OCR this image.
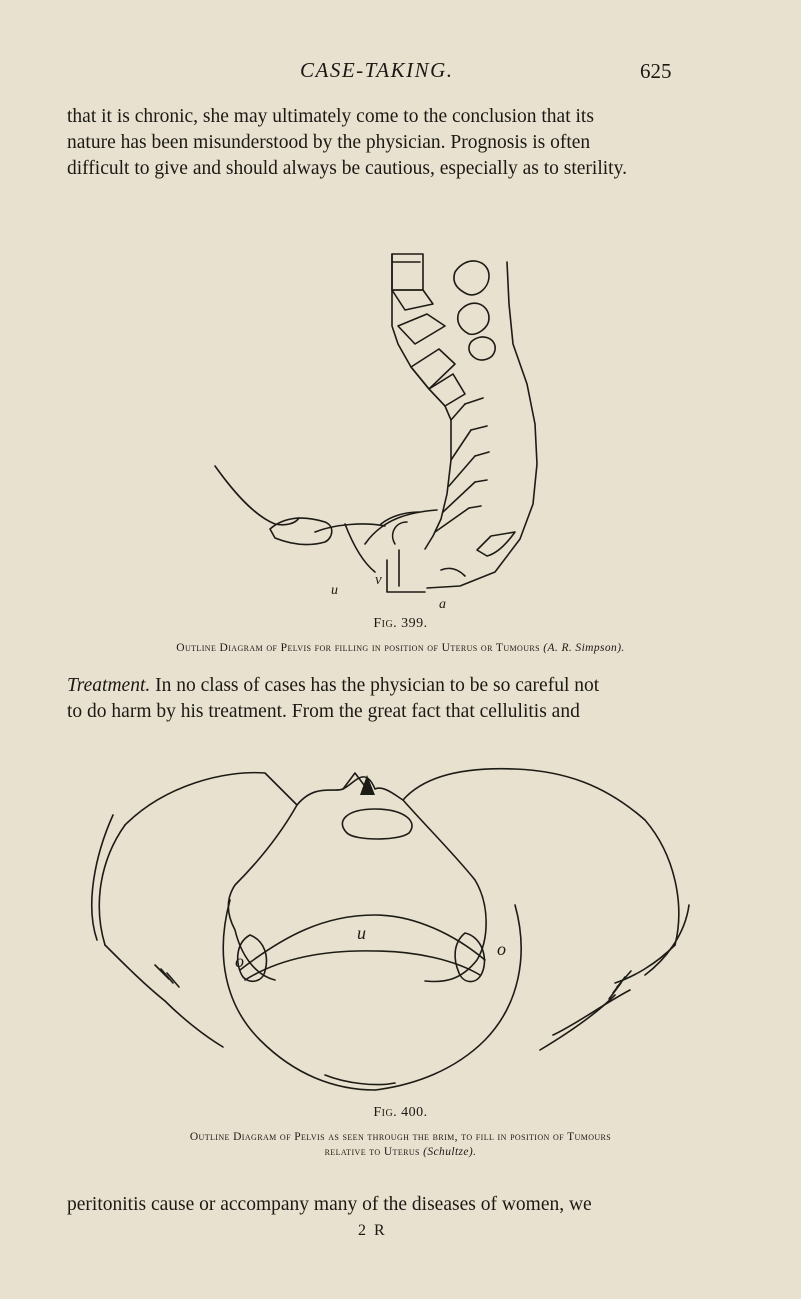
CASE-TAKING.	625
that it is chronic, she may ultimately come to the conclusion that its
nature has been misunderstood by the physician. Prognosis is often
difficult to give and should always be cautious, especially as to sterility.
u
v
a
Fig. 399.
Outline Diagram of Pelvis for filling in position of Uterus or Tumours (A. R. Simpson).
Treatment. In no class of cases has the physician to be so careful not
to do harm by his treatment. From the great fact that cellulitis and
u
o
o
Fig. 400.
Outline Diagram of Pelvis as seen through the brim, to fill in position of Tumours
relative to Uterus (Schultze).
peritonitis cause or accompany many of the diseases of women, we
2 R
